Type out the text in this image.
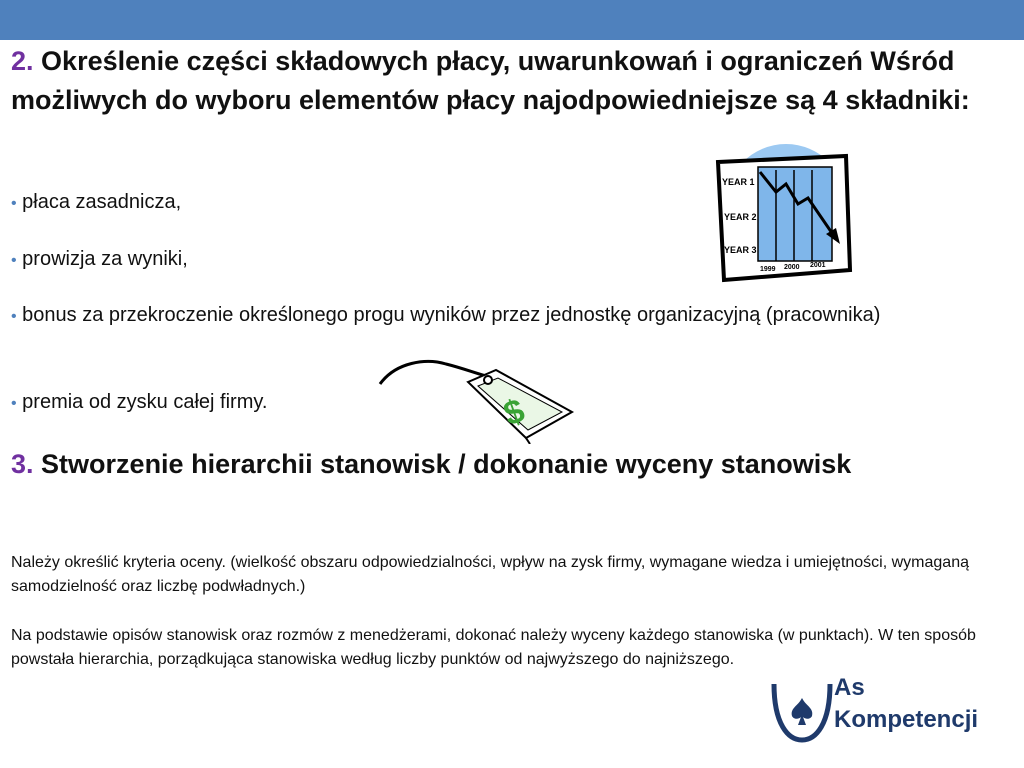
2. Określenie części składowych płacy, uwarunkowań i ograniczeń Wśród możliwych do wyboru elementów płacy najodpowiedniejsze są 4 składniki:
• płaca zasadnicza,
• prowizja za wyniki,
• bonus za przekroczenie określonego progu wyników przez jednostkę organizacyjną (pracownika)
• premia od zysku całej firmy.
3. Stworzenie hierarchii stanowisk / dokonanie wyceny stanowisk
Należy określić kryteria oceny. (wielkość obszaru odpowiedzialności, wpływ na zysk firmy, wymagane wiedza i umiejętności, wymaganą samodzielność oraz liczbę podwładnych.)
Na podstawie opisów stanowisk oraz rozmów z menedżerami, dokonać należy wyceny każdego stanowiska (w punktach). W ten sposób powstała hierarchia, porządkująca stanowiska według liczby punktów od najwyższego do najniższego.
YEAR 1
YEAR 2
YEAR 3
1999 2000 2001
$
As
Kompetencji
